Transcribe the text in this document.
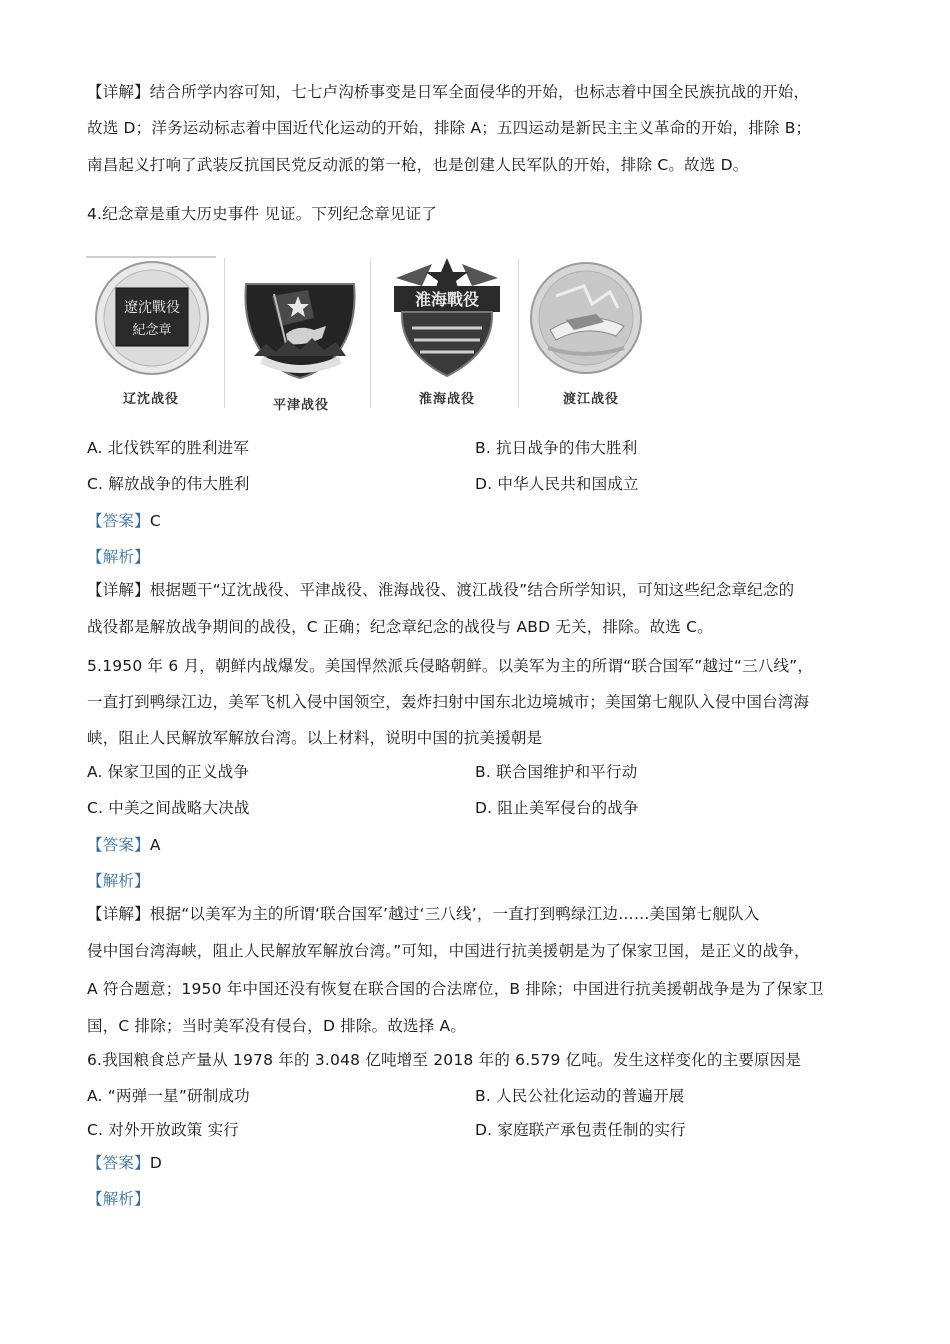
【详解】结合所学内容可知，七七卢沟桥事变是日军全面侵华的开始，也标志着中国全民族抗战的开始，
故选 D；洋务运动标志着中国近代化运动的开始，排除 A；五四运动是新民主主义革命的开始，排除 B；
南昌起义打响了武装反抗国民党反动派的第一枪，也是创建人民军队的开始，排除 C。故选 D。
4.纪念章是重大历史事件 见证。下列纪念章见证了
遼沈戰役
紀念章
辽沈战役	平津战役
淮海戰役
淮海战役	渡江战役
A. 北伐铁军的胜利进军	B. 抗日战争的伟大胜利
C. 解放战争的伟大胜利	D. 中华人民共和国成立
【答案】C
【解析】
【详解】根据题干“辽沈战役、平津战役、淮海战役、渡江战役”结合所学知识，可知这些纪念章纪念的
战役都是解放战争期间的战役，C 正确；纪念章纪念的战役与 ABD 无关，排除。故选 C。
5.1950 年 6 月，朝鲜内战爆发。美国悍然派兵侵略朝鲜。以美军为主的所谓“联合国军”越过“三八线”，
一直打到鸭绿江边，美军飞机入侵中国领空，轰炸扫射中国东北边境城市；美国第七舰队入侵中国台湾海
峡，阻止人民解放军解放台湾。以上材料，说明中国的抗美援朝是
A. 保家卫国的正义战争	B. 联合国维护和平行动
C. 中美之间战略大决战	D. 阻止美军侵台的战争
【答案】A
【解析】
【详解】根据“以美军为主的所谓‘联合国军’越过‘三八线’，一直打到鸭绿江边……美国第七舰队入
侵中国台湾海峡，阻止人民解放军解放台湾。”可知，中国进行抗美援朝是为了保家卫国，是正义的战争，
A 符合题意；1950 年中国还没有恢复在联合国的合法席位，B 排除；中国进行抗美援朝战争是为了保家卫
国，C 排除；当时美军没有侵台，D 排除。故选择 A。
6.我国粮食总产量从 1978 年的 3.048 亿吨增至 2018 年的 6.579 亿吨。发生这样变化的主要原因是
A. “两弹一星”研制成功	B. 人民公社化运动的普遍开展
C. 对外开放政策 实行	D. 家庭联产承包责任制的实行
【答案】D
【解析】
